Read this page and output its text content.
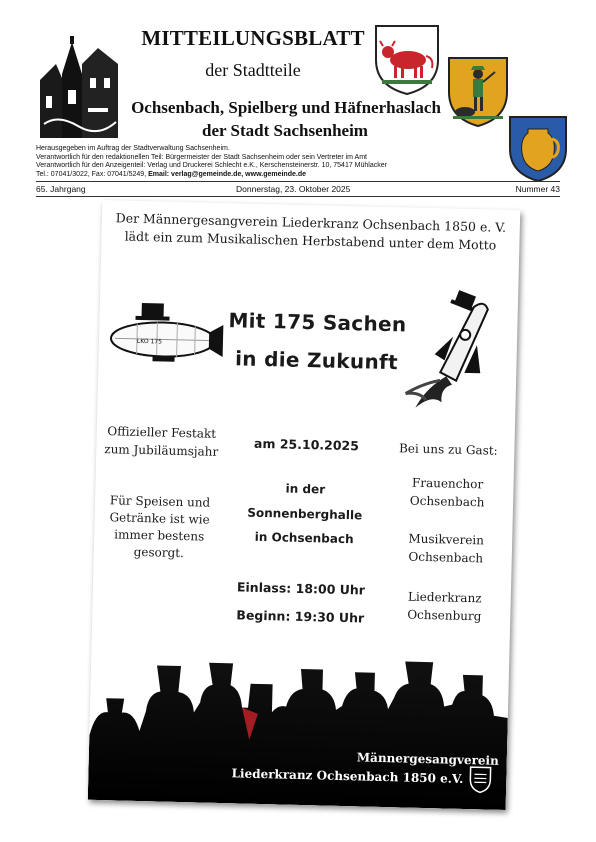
MITTEILUNGSBLATT
der Stadtteile
Ochsenbach, Spielberg und Häfnerhaslach
der Stadt Sachsenheim
Herausgegeben im Auftrag der Stadtverwaltung Sachsenheim.
Verantwortlich für den redaktionellen Teil: Bürgermeister der Stadt Sachsenheim oder sein Vertreter im Amt
Verantwortlich für den Anzeigenteil: Verlag und Druckerei Schlecht e.K., Kerschensteinerstr. 10, 75417 Mühlacker
Tel.: 07041/3022, Fax: 07041/5249, Email: verlag@gemeinde.de, www.gemeinde.de
65. Jahrgang	Donnerstag, 23. Oktober 2025	Nummer 43
Der Männergesangverein Liederkranz Ochsenbach 1850 e. V.
lädt ein zum Musikalischen Herbstabend unter dem Motto
LKO 175
Mit 175 Sachen
in die Zukunft
Offizieller Festakt
zum Jubiläumsjahr	am 25.10.2025	Bei uns zu Gast:
in der
Sonnenberghalle
in Ochsenbach
Für Speisen und
Getränke ist wie
immer bestens
gesorgt.
Frauenchor
Ochsenbach
Musikverein
Ochsenbach
Liederkranz
Ochsenburg
Einlass: 18:00 Uhr
Beginn: 19:30 Uhr
Männergesangverein
Liederkranz Ochsenbach 1850 e.V.
